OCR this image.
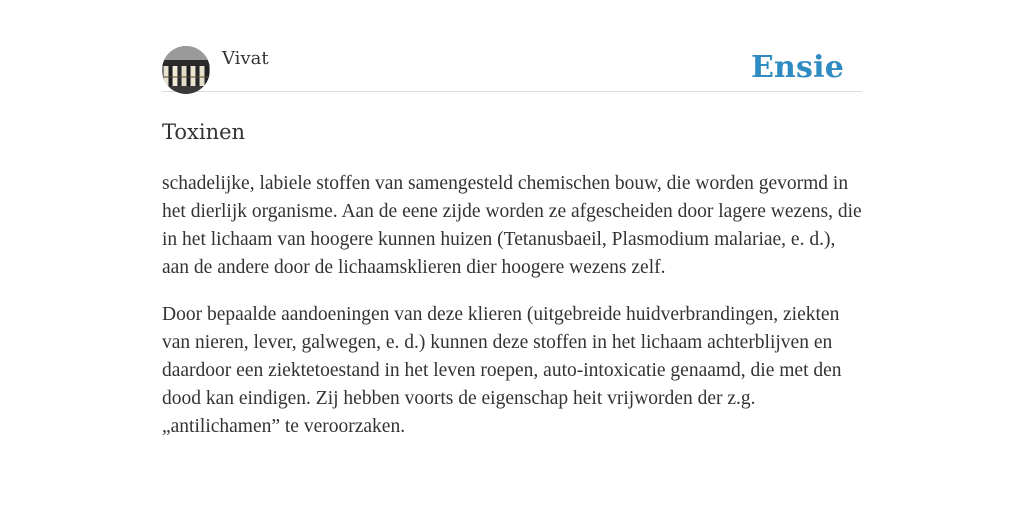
Vivat	Ensie
Toxinen

schadelijke, labiele stoffen van samengesteld chemischen bouw, die worden gevormd in het dierlijk organisme. Aan de eene zijde worden ze afgescheiden door lagere wezens, die in het lichaam van hoogere kunnen huizen (Tetanusbaeil, Plasmodium malariae, e. d.), aan de andere door de lichaamsklieren dier hoogere wezens zelf.

Door bepaalde aandoeningen van deze klieren (uitgebreide huidverbrandingen, ziekten van nieren, lever, galwegen, e. d.) kunnen deze stoffen in het lichaam achterblijven en daardoor een ziektetoestand in het leven roepen, auto-intoxicatie genaamd, die met den dood kan eindigen. Zij hebben voorts de eigenschap heit vrijworden der z.g. „antilichamen” te veroorzaken.
